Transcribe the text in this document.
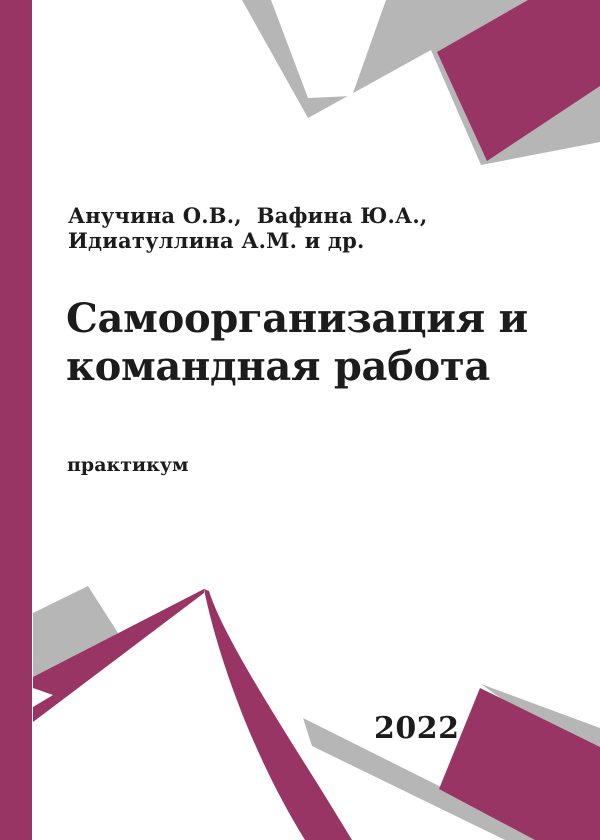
Анучина О.В.,  Вафина Ю.А.,  Идиатуллина А.М. и др.
Самоорганизация и командная работа
практикум
2022
